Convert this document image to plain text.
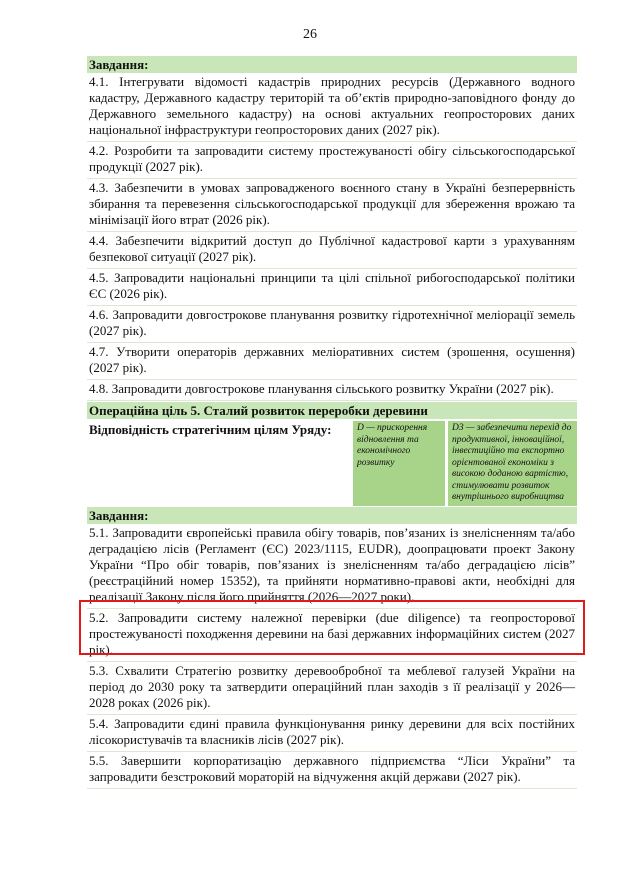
26
Завдання:
4.1. Інтегрувати відомості кадастрів природних ресурсів (Державного водного кадастру, Державного кадастру територій та об’єктів природно-заповідного фонду до Державного земельного кадастру) на основі актуальних геопросторових даних національної інфраструктури геопросторових даних (2027 рік).
4.2. Розробити та запровадити систему простежуваності обігу сільськогосподарської продукції (2027 рік).
4.3. Забезпечити в умовах запровадженого воєнного стану в Україні безперервність збирання та перевезення сільськогосподарської продукції для збереження врожаю та мінімізації його втрат (2026 рік).
4.4. Забезпечити відкритий доступ до Публічної кадастрової карти з урахуванням безпекової ситуації (2027 рік).
4.5. Запровадити національні принципи та цілі спільної рибогосподарської політики ЄС (2026 рік).
4.6. Запровадити довгострокове планування розвитку гідротехнічної меліорації земель (2027 рік).
4.7. Утворити операторів державних меліоративних систем (зрошення, осушення) (2027 рік).
4.8. Запровадити довгострокове планування сільського розвитку України (2027 рік).
Операційна ціль 5. Сталий розвиток переробки деревини
Відповідність стратегічним цілям Уряду:	D — прискорення відновлення та економічного розвитку
D3 — забезпечити перехід до продуктивної, інноваційної, інвестиційно та експортно орієнтованої економіки з високою доданою вартістю, стимулювати розвиток внутрішнього виробництва
Завдання:
5.1. Запровадити європейські правила обігу товарів, пов’язаних із знелісненням та/або деградацією лісів (Регламент (ЄС) 2023/1115, EUDR), доопрацювати проект Закону України “Про обіг товарів, пов’язаних із знелісненням та/або деградацією лісів” (реєстраційний номер 15352), та прийняти нормативно-правові акти, необхідні для реалізації Закону після його прийняття (2026—2027 роки).
5.2. Запровадити систему належної перевірки (due diligence) та геопросторової простежуваності походження деревини на базі державних інформаційних систем (2027 рік).
5.3. Схвалити Стратегію розвитку деревообробної та меблевої галузей України на період до 2030 року та затвердити операційний план заходів з її реалізації у 2026—2028 роках (2026 рік).
5.4. Запровадити єдині правила функціонування ринку деревини для всіх постійних лісокористувачів та власників лісів (2027 рік).
5.5. Завершити корпоратизацію державного підприємства “Ліси України” та запровадити безстроковий мораторій на відчуження акцій держави (2027 рік).
